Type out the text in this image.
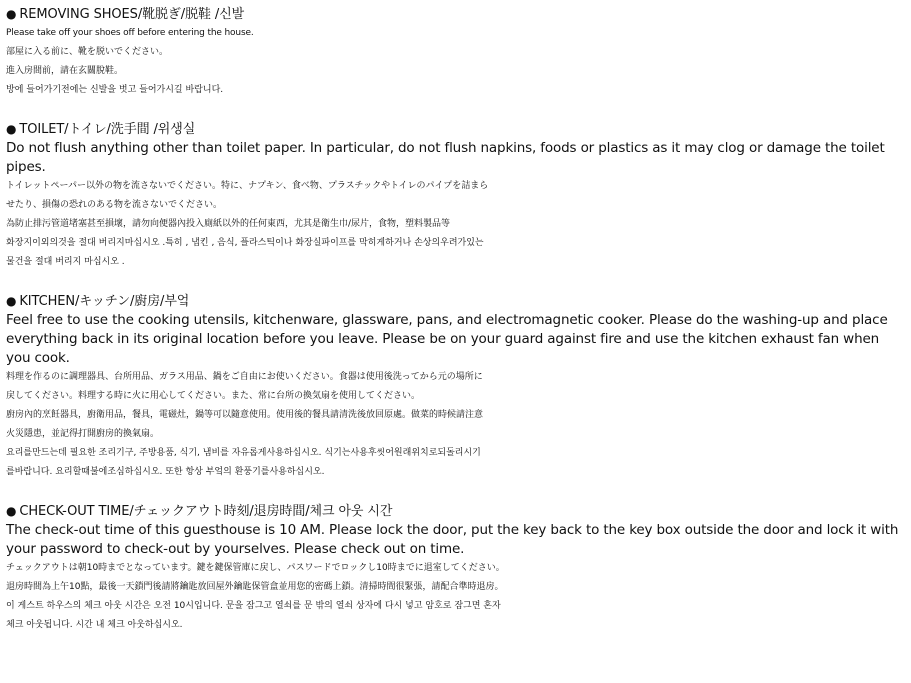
● REMOVING SHOES/靴脱ぎ/脱鞋 /신발
Please take off your shoes off before entering the house.
部屋に入る前に、靴を脱いでください。
進入房間前，請在玄關脫鞋。
방에 들어가기전에는 신발을 벗고 들어가시길 바랍니다.
● TOILET/トイレ/洗手間 /위생실
Do not flush anything other than toilet paper. In particular, do not flush napkins, foods or plastics as it may clog or damage the toilet pipes.
トイレットペーパー以外の物を流さないでください。特に、ナプキン、食べ物、プラスチックやトイレのパイプを詰まら
せたり、損傷の恐れのある物を流さないでください。
為防止排污管道堵塞甚至損壞，請勿向便器內投入廁紙以外的任何東西，尤其是衛生巾/尿片，食物，塑料製品等
화장지이외의것을 절대 버리지마십시오 .특히 , 냅킨 , 음식, 플라스틱이나 화장실파이프를 막히게하거나 손상의우려가있는
물건을 절대 버리지 마십시오 .
● KITCHEN/キッチン/廚房/부엌
Feel free to use the cooking utensils, kitchenware, glassware, pans, and electromagnetic cooker. Please do the washing-up and place everything back in its original location before you leave. Please be on your guard against fire and use the kitchen exhaust fan when you cook.
料理を作るのに調理器具、台所用品、ガラス用品、鍋をご自由にお使いください。食器は使用後洗ってから元の場所に
戻してください。料理する時に火に用心してください。また、常に台所の換気扇を使用してください。
廚房內的烹飪器具，廚衛用品，餐具，電磁灶，鍋等可以隨意使用。使用後的餐具請清洗後放回原處。做菜的時候請注意
火災隱患，並記得打開廚房的換氣扇。
요리를만드는데 필요한 조리기구, 주방용품, 식기, 냄비를 자유롭게사용하십시오. 식기는사용후씻어원래위치로되돌리시기
를바랍니다. 요리할때불에조심하십시오. 또한 항상 부엌의 환풍기를사용하십시오.
● CHECK-OUT TIME/チェックアウト時刻/退房時間/체크 아웃 시간
The check-out time of this guesthouse is 10 AM. Please lock the door, put the key back to the key box outside the door and lock it with your password to check-out by yourselves. Please check out on time.
チェックアウトは朝10時までとなっています。鍵を鍵保管庫に戻し、パスワードでロックし10時までに退室してください。
退房時間為上午10點，最後一天鎖門後請將鑰匙放回屋外鑰匙保管盒並用您的密碼上鎖。清掃時間很緊張，請配合準時退房。
이 게스트 하우스의 체크 아웃 시간은 오전 10시입니다. 문을 잠그고 열쇠를 문 밖의 열쇠 상자에 다시 넣고 암호로 잠그면 혼자
체크 아웃됩니다. 시간 내 체크 아웃하십시오.
